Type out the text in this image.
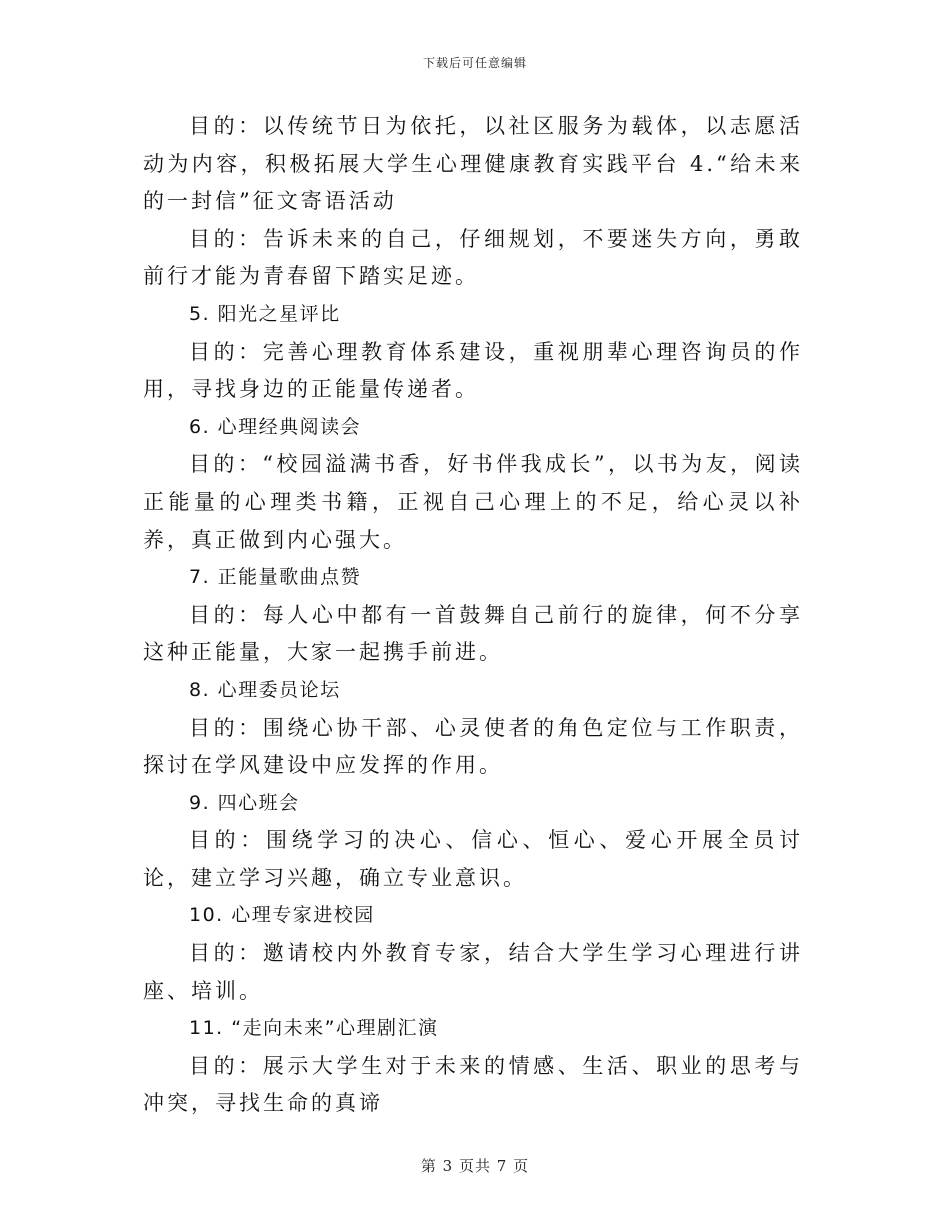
下载后可任意编辑

目的：以传统节日为依托，以社区服务为载体，以志愿活动为内容，积极拓展大学生心理健康教育实践平台 4.“给未来的一封信”征文寄语活动

目的：告诉未来的自己，仔细规划，不要迷失方向，勇敢前行才能为青春留下踏实足迹。

5. 阳光之星评比

目的：完善心理教育体系建设，重视朋辈心理咨询员的作用，寻找身边的正能量传递者。

6. 心理经典阅读会

目的：“校园溢满书香，好书伴我成长”，以书为友，阅读正能量的心理类书籍，正视自己心理上的不足，给心灵以补养，真正做到内心强大。

7. 正能量歌曲点赞

目的：每人心中都有一首鼓舞自己前行的旋律，何不分享这种正能量，大家一起携手前进。

8. 心理委员论坛

目的：围绕心协干部、心灵使者的角色定位与工作职责，探讨在学风建设中应发挥的作用。

9. 四心班会

目的：围绕学习的决心、信心、恒心、爱心开展全员讨论，建立学习兴趣，确立专业意识。

10. 心理专家进校园

目的：邀请校内外教育专家，结合大学生学习心理进行讲座、培训。

11. “走向未来”心理剧汇演

目的：展示大学生对于未来的情感、生活、职业的思考与冲突，寻找生命的真谛

第 3 页共 7 页
